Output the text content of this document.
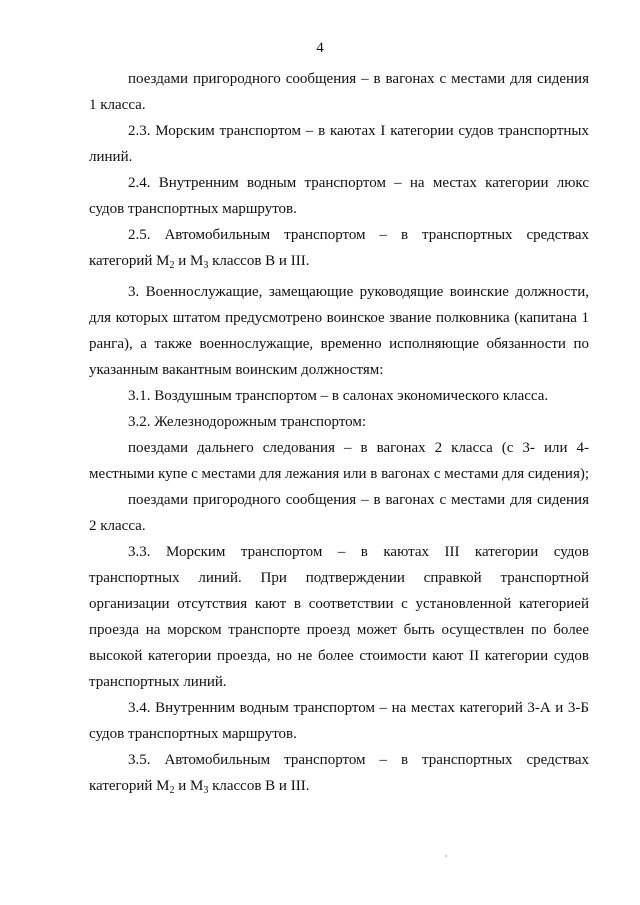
4

поездами пригородного сообщения – в вагонах с местами для сидения 1 класса.

2.3. Морским транспортом – в каютах I категории судов транспортных линий.

2.4. Внутренним водным транспортом – на местах категории люкс судов транспортных маршрутов.

2.5. Автомобильным транспортом – в транспортных средствах категорий $M_2$ и $M_3$ классов B и III.

3. Военнослужащие, замещающие руководящие воинские должности, для которых штатом предусмотрено воинское звание полковника (капитана 1 ранга), а также военнослужащие, временно исполняющие обязанности по указанным вакантным воинским должностям:

3.1. Воздушным транспортом – в салонах экономического класса.

3.2. Железнодорожным транспортом:

поездами дальнего следования – в вагонах 2 класса (с 3- или 4-местными купе с местами для лежания или в вагонах с местами для сидения);

поездами пригородного сообщения – в вагонах с местами для сидения 2 класса.

3.3. Морским транспортом – в каютах III категории судов транспортных линий. При подтверждении справкой транспортной организации отсутствия кают в соответствии с установленной категорией проезда на морском транспорте проезд может быть осуществлен по более высокой категории проезда, но не более стоимости кают II категории судов транспортных линий.

3.4. Внутренним водным транспортом – на местах категорий 3-А и 3-Б судов транспортных маршрутов.

3.5. Автомобильным транспортом – в транспортных средствах категорий $M_2$ и $M_3$ классов B и III.
